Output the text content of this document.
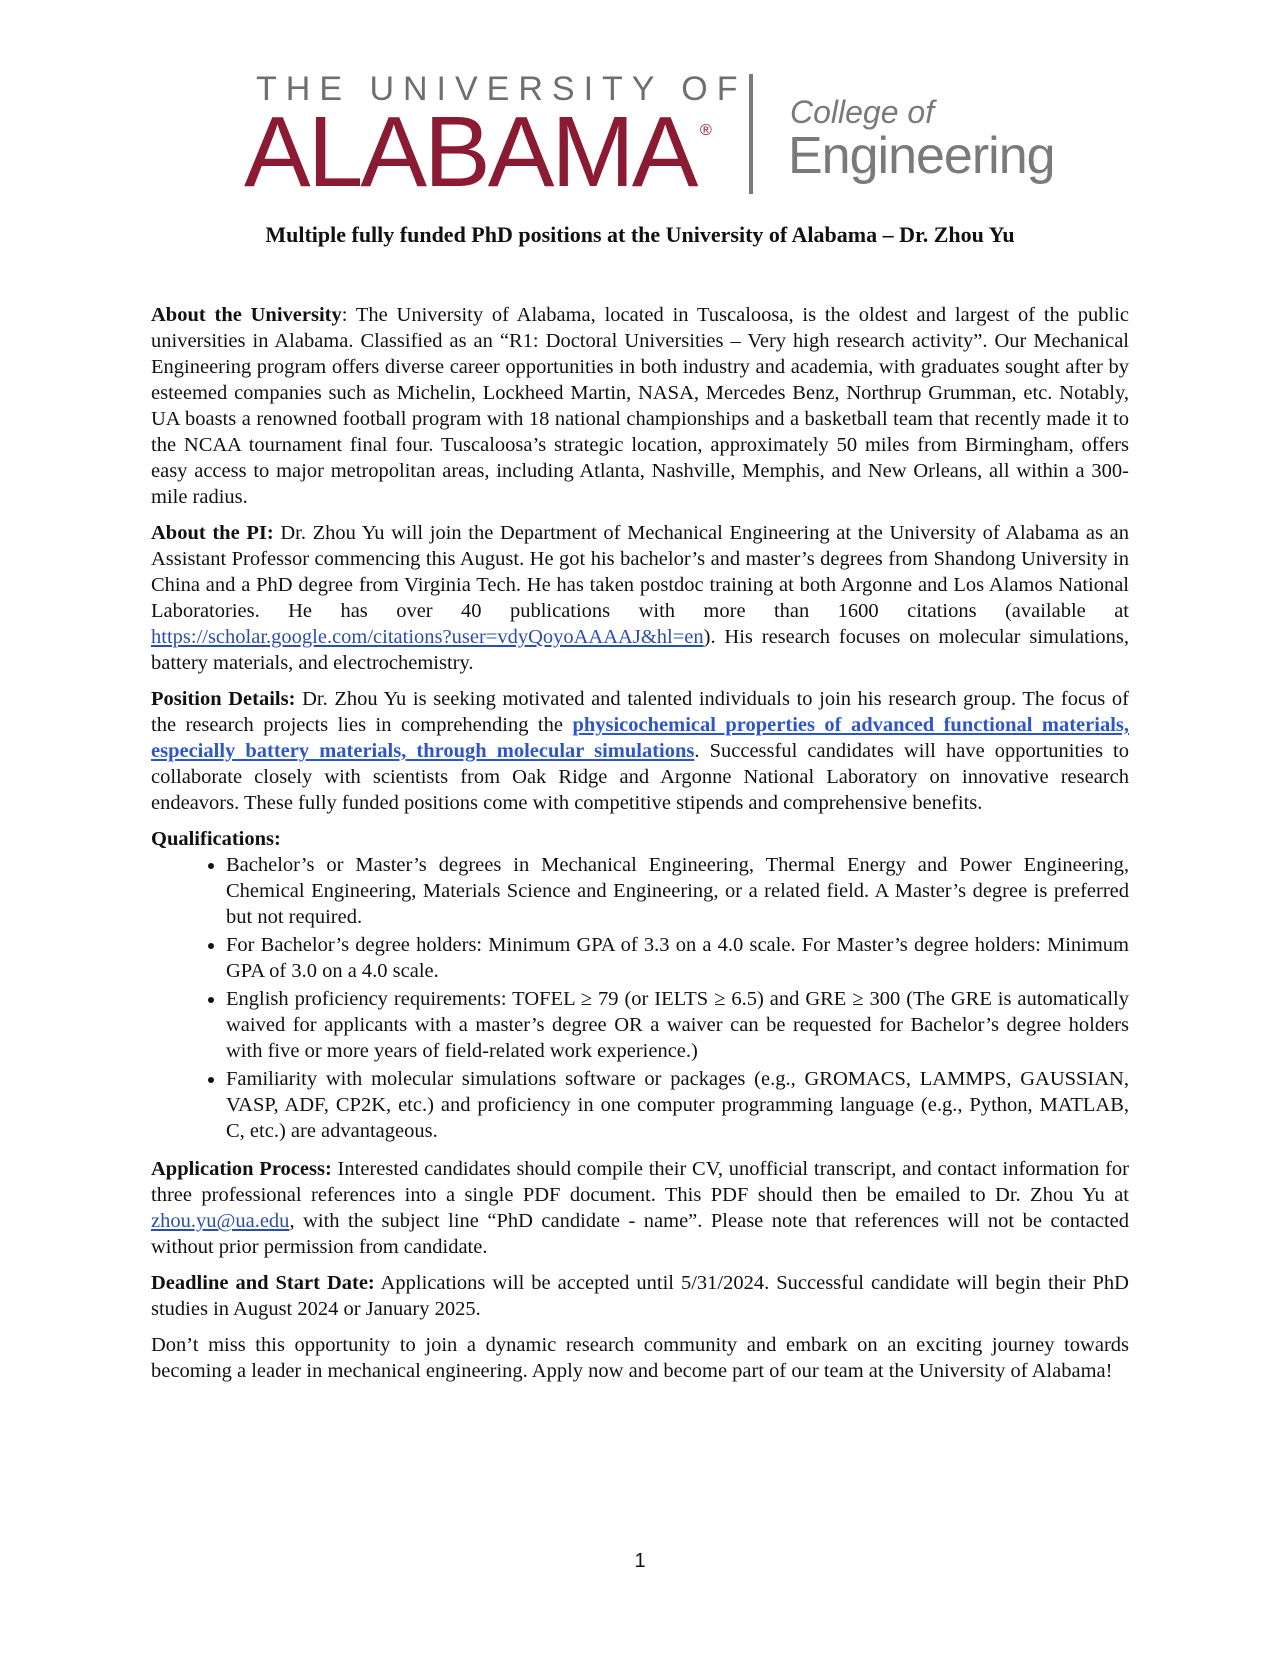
THE UNIVERSITY OF
ALABAMA ®
College of
Engineering
Multiple fully funded PhD positions at the University of Alabama – Dr. Zhou Yu

About the University: The University of Alabama, located in Tuscaloosa, is the oldest and largest of the public universities in Alabama. Classified as an “R1: Doctoral Universities – Very high research activity”. Our Mechanical Engineering program offers diverse career opportunities in both industry and academia, with graduates sought after by esteemed companies such as Michelin, Lockheed Martin, NASA, Mercedes Benz, Northrup Grumman, etc. Notably, UA boasts a renowned football program with 18 national championships and a basketball team that recently made it to the NCAA tournament final four. Tuscaloosa’s strategic location, approximately 50 miles from Birmingham, offers easy access to major metropolitan areas, including Atlanta, Nashville, Memphis, and New Orleans, all within a 300-mile radius.

About the PI: Dr. Zhou Yu will join the Department of Mechanical Engineering at the University of Alabama as an Assistant Professor commencing this August. He got his bachelor’s and master’s degrees from Shandong University in China and a PhD degree from Virginia Tech. He has taken postdoc training at both Argonne and Los Alamos National Laboratories. He has over 40 publications with more than 1600 citations (available at https://scholar.google.com/citations?user=vdyQoyoAAAAJ&hl=en). His research focuses on molecular simulations, battery materials, and electrochemistry.

Position Details: Dr. Zhou Yu is seeking motivated and talented individuals to join his research group. The focus of the research projects lies in comprehending the physicochemical properties of advanced functional materials, especially battery materials, through molecular simulations. Successful candidates will have opportunities to collaborate closely with scientists from Oak Ridge and Argonne National Laboratory on innovative research endeavors. These fully funded positions come with competitive stipends and comprehensive benefits.

Qualifications:

• Bachelor’s or Master’s degrees in Mechanical Engineering, Thermal Energy and Power Engineering, Chemical Engineering, Materials Science and Engineering, or a related field. A Master’s degree is preferred but not required.
• For Bachelor’s degree holders: Minimum GPA of 3.3 on a 4.0 scale. For Master’s degree holders: Minimum GPA of 3.0 on a 4.0 scale.
• English proficiency requirements: TOFEL ≥ 79 (or IELTS ≥ 6.5) and GRE ≥ 300 (The GRE is automatically waived for applicants with a master’s degree OR a waiver can be requested for Bachelor’s degree holders with five or more years of field-related work experience.)
• Familiarity with molecular simulations software or packages (e.g., GROMACS, LAMMPS, GAUSSIAN, VASP, ADF, CP2K, etc.) and proficiency in one computer programming language (e.g., Python, MATLAB, C, etc.) are advantageous.

Application Process: Interested candidates should compile their CV, unofficial transcript, and contact information for three professional references into a single PDF document. This PDF should then be emailed to Dr. Zhou Yu at zhou.yu@ua.edu, with the subject line “PhD candidate - name”. Please note that references will not be contacted without prior permission from candidate.

Deadline and Start Date: Applications will be accepted until 5/31/2024. Successful candidate will begin their PhD studies in August 2024 or January 2025.

Don’t miss this opportunity to join a dynamic research community and embark on an exciting journey towards becoming a leader in mechanical engineering. Apply now and become part of our team at the University of Alabama!

1
